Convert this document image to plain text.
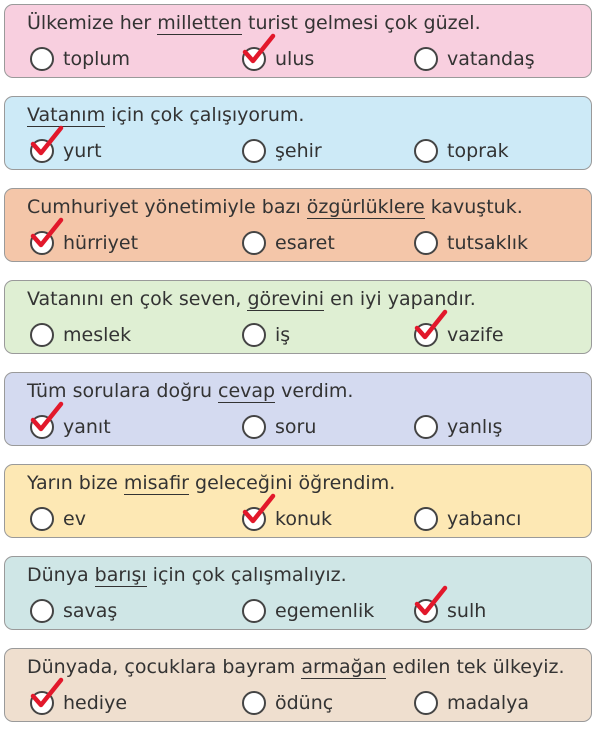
Ülkemize her milletten turist gelmesi çok güzel.
toplum	ulus	vatandaş
Vatanım için çok çalışıyorum.
yurt	şehir	toprak
Cumhuriyet yönetimiyle bazı özgürlüklere kavuştuk.
hürriyet	esaret	tutsaklık
Vatanını en çok seven, görevini en iyi yapandır.
meslek	iş	vazife
Tüm sorulara doğru cevap verdim.
yanıt	soru	yanlış
Yarın bize misafir geleceğini öğrendim.
ev	konuk	yabancı
Dünya barışı için çok çalışmalıyız.
savaş	egemenlik	sulh
Dünyada, çocuklara bayram armağan edilen tek ülkeyiz.
hediye	ödünç	madalya
